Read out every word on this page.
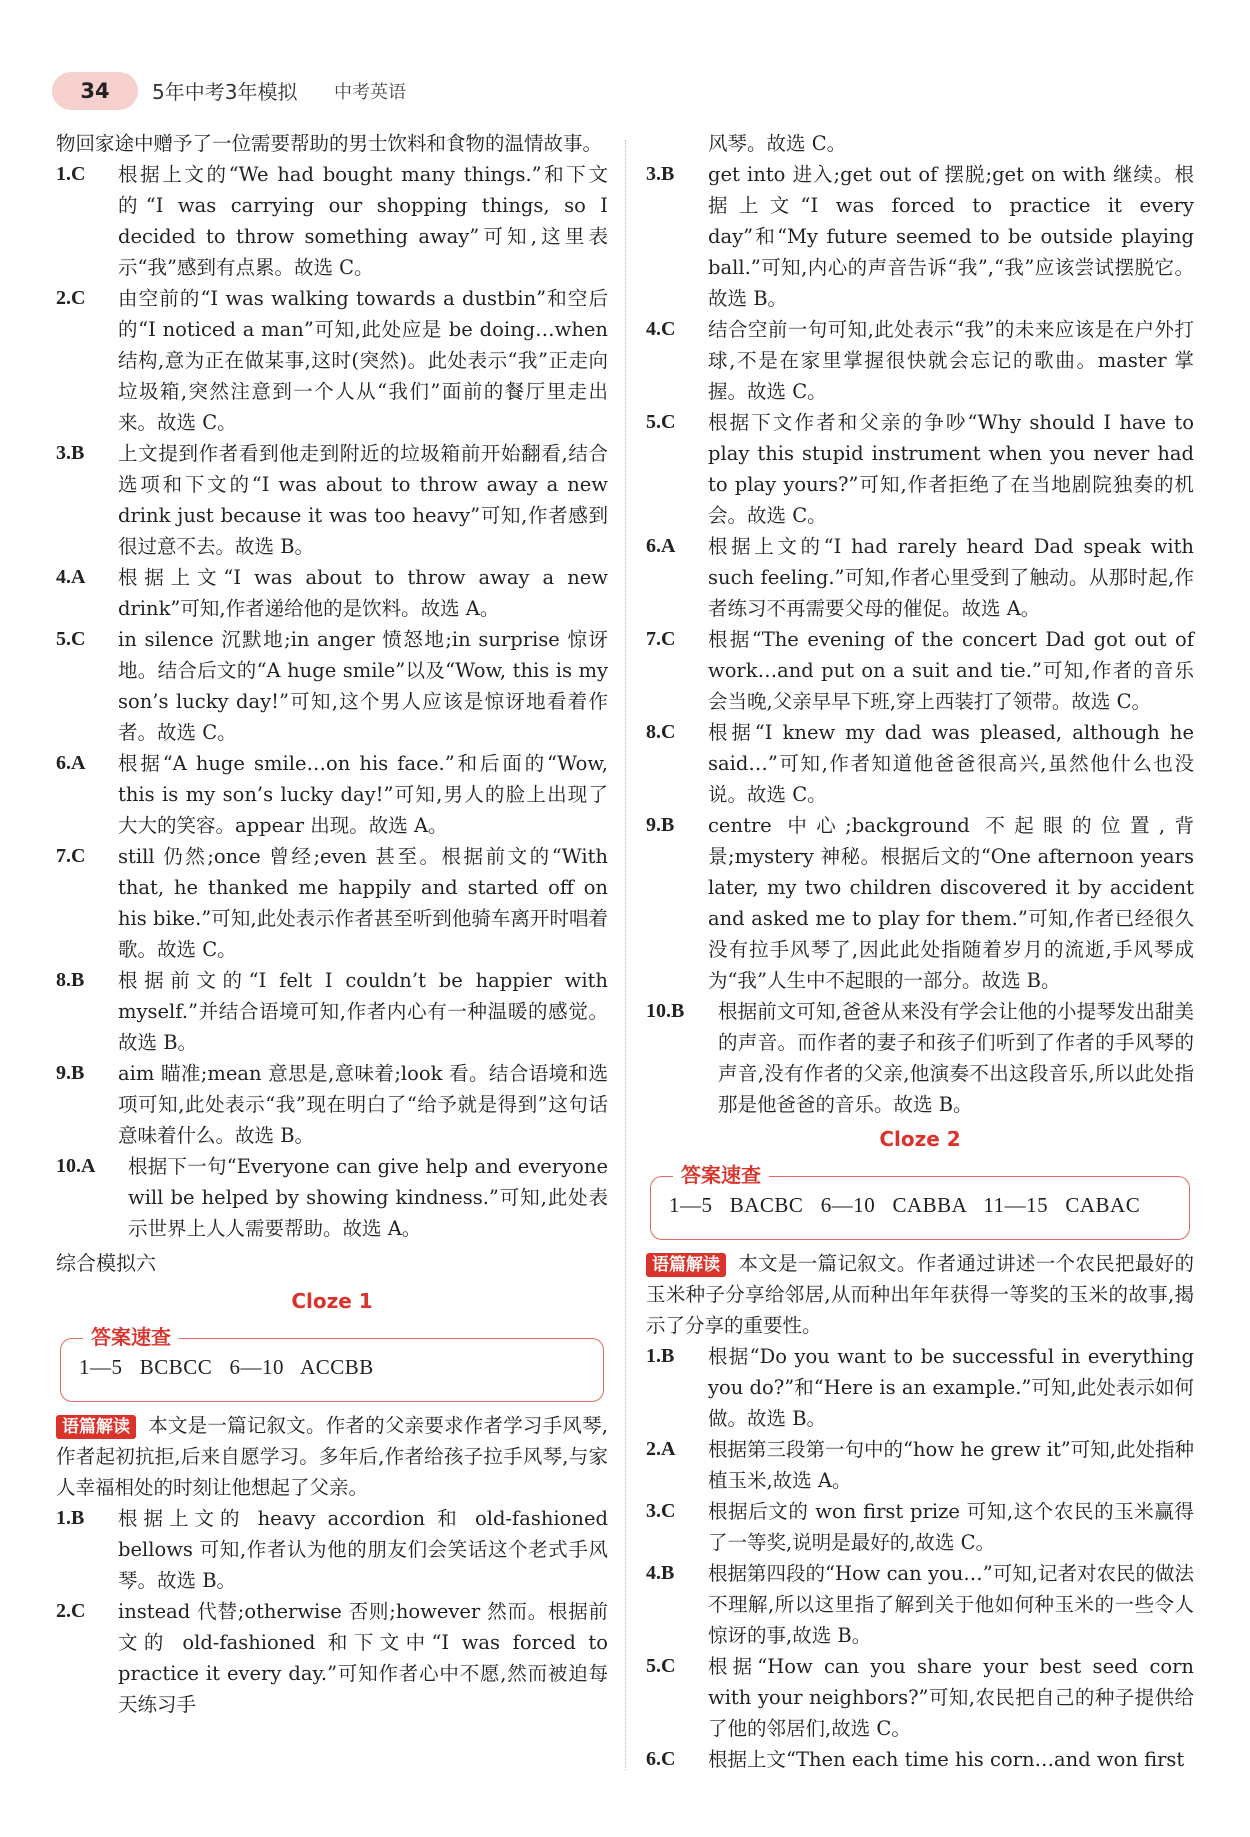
34	5年中考3年模拟 中考英语

物回家途中赠予了一位需要帮助的男士饮料和食物的温情故事。

1.C	根据上文的“We had bought many things.”和下文的“I was carrying our shopping things, so I decided to throw something away”可知,这里表示“我”感到有点累。故选 C。
2.C	由空前的“I was walking towards a dustbin”和空后的“I noticed a man”可知,此处应是 be doing…when 结构,意为正在做某事,这时(突然)。此处表示“我”正走向垃圾箱,突然注意到一个人从“我们”面前的餐厅里走出来。故选 C。
3.B	上文提到作者看到他走到附近的垃圾箱前开始翻看,结合选项和下文的“I was about to throw away a new drink just because it was too heavy”可知,作者感到很过意不去。故选 B。
4.A	根据上文“I was about to throw away a new drink”可知,作者递给他的是饮料。故选 A。
5.C	in silence 沉默地;in anger 愤怒地;in surprise 惊讶地。结合后文的“A huge smile”以及“Wow, this is my son’s lucky day!”可知,这个男人应该是惊讶地看着作者。故选 C。
6.A	根据“A huge smile…on his face.”和后面的“Wow, this is my son’s lucky day!”可知,男人的脸上出现了大大的笑容。appear 出现。故选 A。
7.C	still 仍然;once 曾经;even 甚至。根据前文的“With that, he thanked me happily and started off on his bike.”可知,此处表示作者甚至听到他骑车离开时唱着歌。故选 C。
8.B	根据前文的“I felt I couldn’t be happier with myself.”并结合语境可知,作者内心有一种温暖的感觉。故选 B。
9.B	aim 瞄准;mean 意思是,意味着;look 看。结合语境和选项可知,此处表示“我”现在明白了“给予就是得到”这句话意味着什么。故选 B。
10.A	根据下一句“Everyone can give help and everyone will be helped by showing kindness.”可知,此处表示世界上人人需要帮助。故选 A。
综合模拟六
Cloze 1
答案速查
1—5   BCBCC   6—10   ACCBB

语篇解读 本文是一篇记叙文。作者的父亲要求作者学习手风琴,作者起初抗拒,后来自愿学习。多年后,作者给孩子拉手风琴,与家人幸福相处的时刻让他想起了父亲。

1.B	根据上文的 heavy accordion 和 old-fashioned bellows 可知,作者认为他的朋友们会笑话这个老式手风琴。故选 B。
2.C	instead 代替;otherwise 否则;however 然而。根据前文的 old-fashioned 和下文中“I was forced to practice it every day.”可知作者心中不愿,然而被迫每天练习手

风琴。故选 C。

3.B	get into 进入;get out of 摆脱;get on with 继续。根据上文“I was forced to practice it every day”和“My future seemed to be outside playing ball.”可知,内心的声音告诉“我”,“我”应该尝试摆脱它。故选 B。
4.C	结合空前一句可知,此处表示“我”的未来应该是在户外打球,不是在家里掌握很快就会忘记的歌曲。master 掌握。故选 C。
5.C	根据下文作者和父亲的争吵“Why should I have to play this stupid instrument when you never had to play yours?”可知,作者拒绝了在当地剧院独奏的机会。故选 C。
6.A	根据上文的“I had rarely heard Dad speak with such feeling.”可知,作者心里受到了触动。从那时起,作者练习不再需要父母的催促。故选 A。
7.C	根据“The evening of the concert Dad got out of work…and put on a suit and tie.”可知,作者的音乐会当晚,父亲早早下班,穿上西装打了领带。故选 C。
8.C	根据“I knew my dad was pleased, although he said…”可知,作者知道他爸爸很高兴,虽然他什么也没说。故选 C。
9.B	centre 中心;background 不起眼的位置,背景;mystery 神秘。根据后文的“One afternoon years later, my two children discovered it by accident and asked me to play for them.”可知,作者已经很久没有拉手风琴了,因此此处指随着岁月的流逝,手风琴成为“我”人生中不起眼的一部分。故选 B。
10.B	根据前文可知,爸爸从来没有学会让他的小提琴发出甜美的声音。而作者的妻子和孩子们听到了作者的手风琴的声音,没有作者的父亲,他演奏不出这段音乐,所以此处指那是他爸爸的音乐。故选 B。
Cloze 2
答案速查
1—5   BACBC   6—10   CABBA   11—15   CABAC

语篇解读 本文是一篇记叙文。作者通过讲述一个农民把最好的玉米种子分享给邻居,从而种出年年获得一等奖的玉米的故事,揭示了分享的重要性。

1.B	根据“Do you want to be successful in everything you do?”和“Here is an example.”可知,此处表示如何做。故选 B。
2.A	根据第三段第一句中的“how he grew it”可知,此处指种植玉米,故选 A。
3.C	根据后文的 won first prize 可知,这个农民的玉米赢得了一等奖,说明是最好的,故选 C。
4.B	根据第四段的“How can you…”可知,记者对农民的做法不理解,所以这里指了解到关于他如何种玉米的一些令人惊讶的事,故选 B。
5.C	根据“How can you share your best seed corn with your neighbors?”可知,农民把自己的种子提供给了他的邻居们,故选 C。
6.C	根据上文“Then each time his corn…and won first
